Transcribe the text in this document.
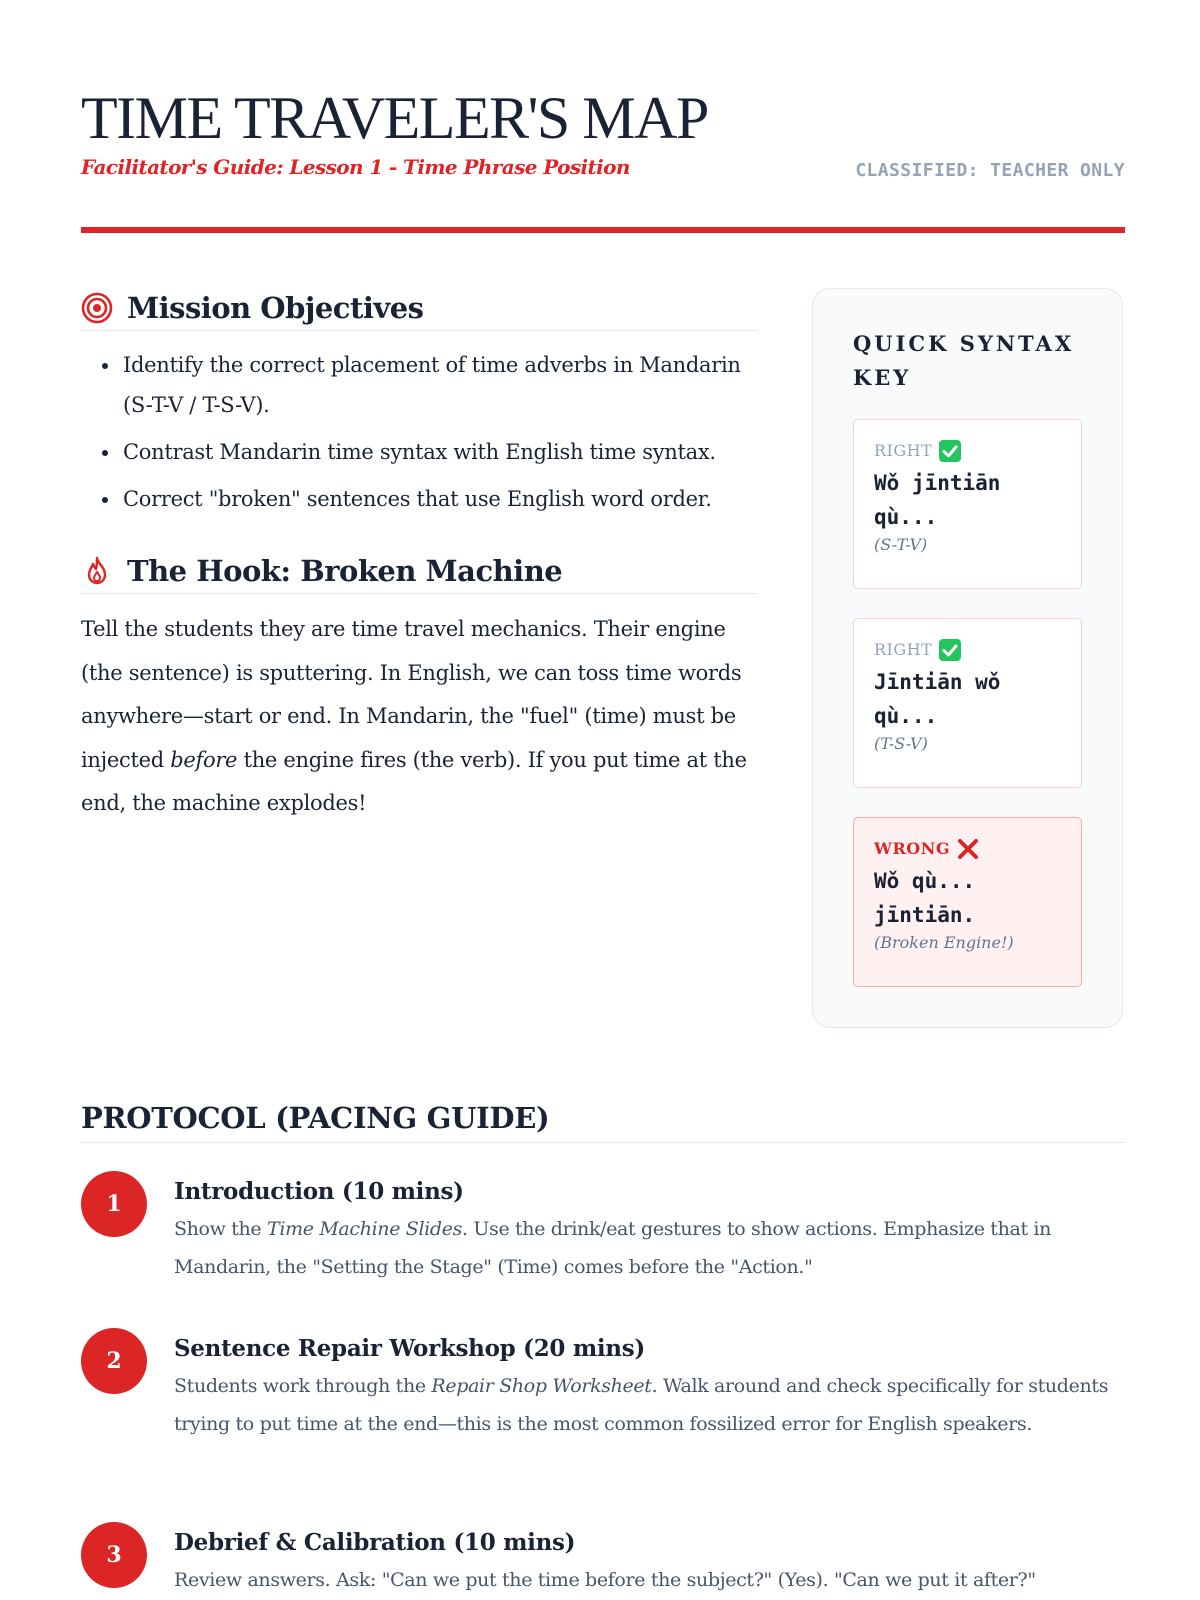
TIME TRAVELER'S MAP
Facilitator's Guide: Lesson 1 - Time Phrase Position	CLASSIFIED: TEACHER ONLY
Mission Objectives
• Identify the correct placement of time adverbs in Mandarin (S-T-V / T-S-V).
• Contrast Mandarin time syntax with English time syntax.
• Correct "broken" sentences that use English word order.
The Hook: Broken Machine
Tell the students they are time travel mechanics. Their engine (the sentence) is sputtering. In English, we can toss time words anywhere—start or end. In Mandarin, the "fuel" (time) must be injected before the engine fires (the verb). If you put time at the end, the machine explodes!
QUICK SYNTAX KEY
RIGHT
Wǒ jīntiān qù...
(S-T-V)
RIGHT
Jīntiān wǒ qù...
(T-S-V)
WRONG
Wǒ qù... jīntiān.
(Broken Engine!)
PROTOCOL (PACING GUIDE)
1	Introduction (10 mins)
Show the Time Machine Slides. Use the drink/eat gestures to show actions. Emphasize that in Mandarin, the "Setting the Stage" (Time) comes before the "Action."
2	Sentence Repair Workshop (20 mins)
Students work through the Repair Shop Worksheet. Walk around and check specifically for students trying to put time at the end—this is the most common fossilized error for English speakers.
3	Debrief & Calibration (10 mins)
Review answers. Ask: "Can we put the time before the subject?" (Yes). "Can we put it after?"
